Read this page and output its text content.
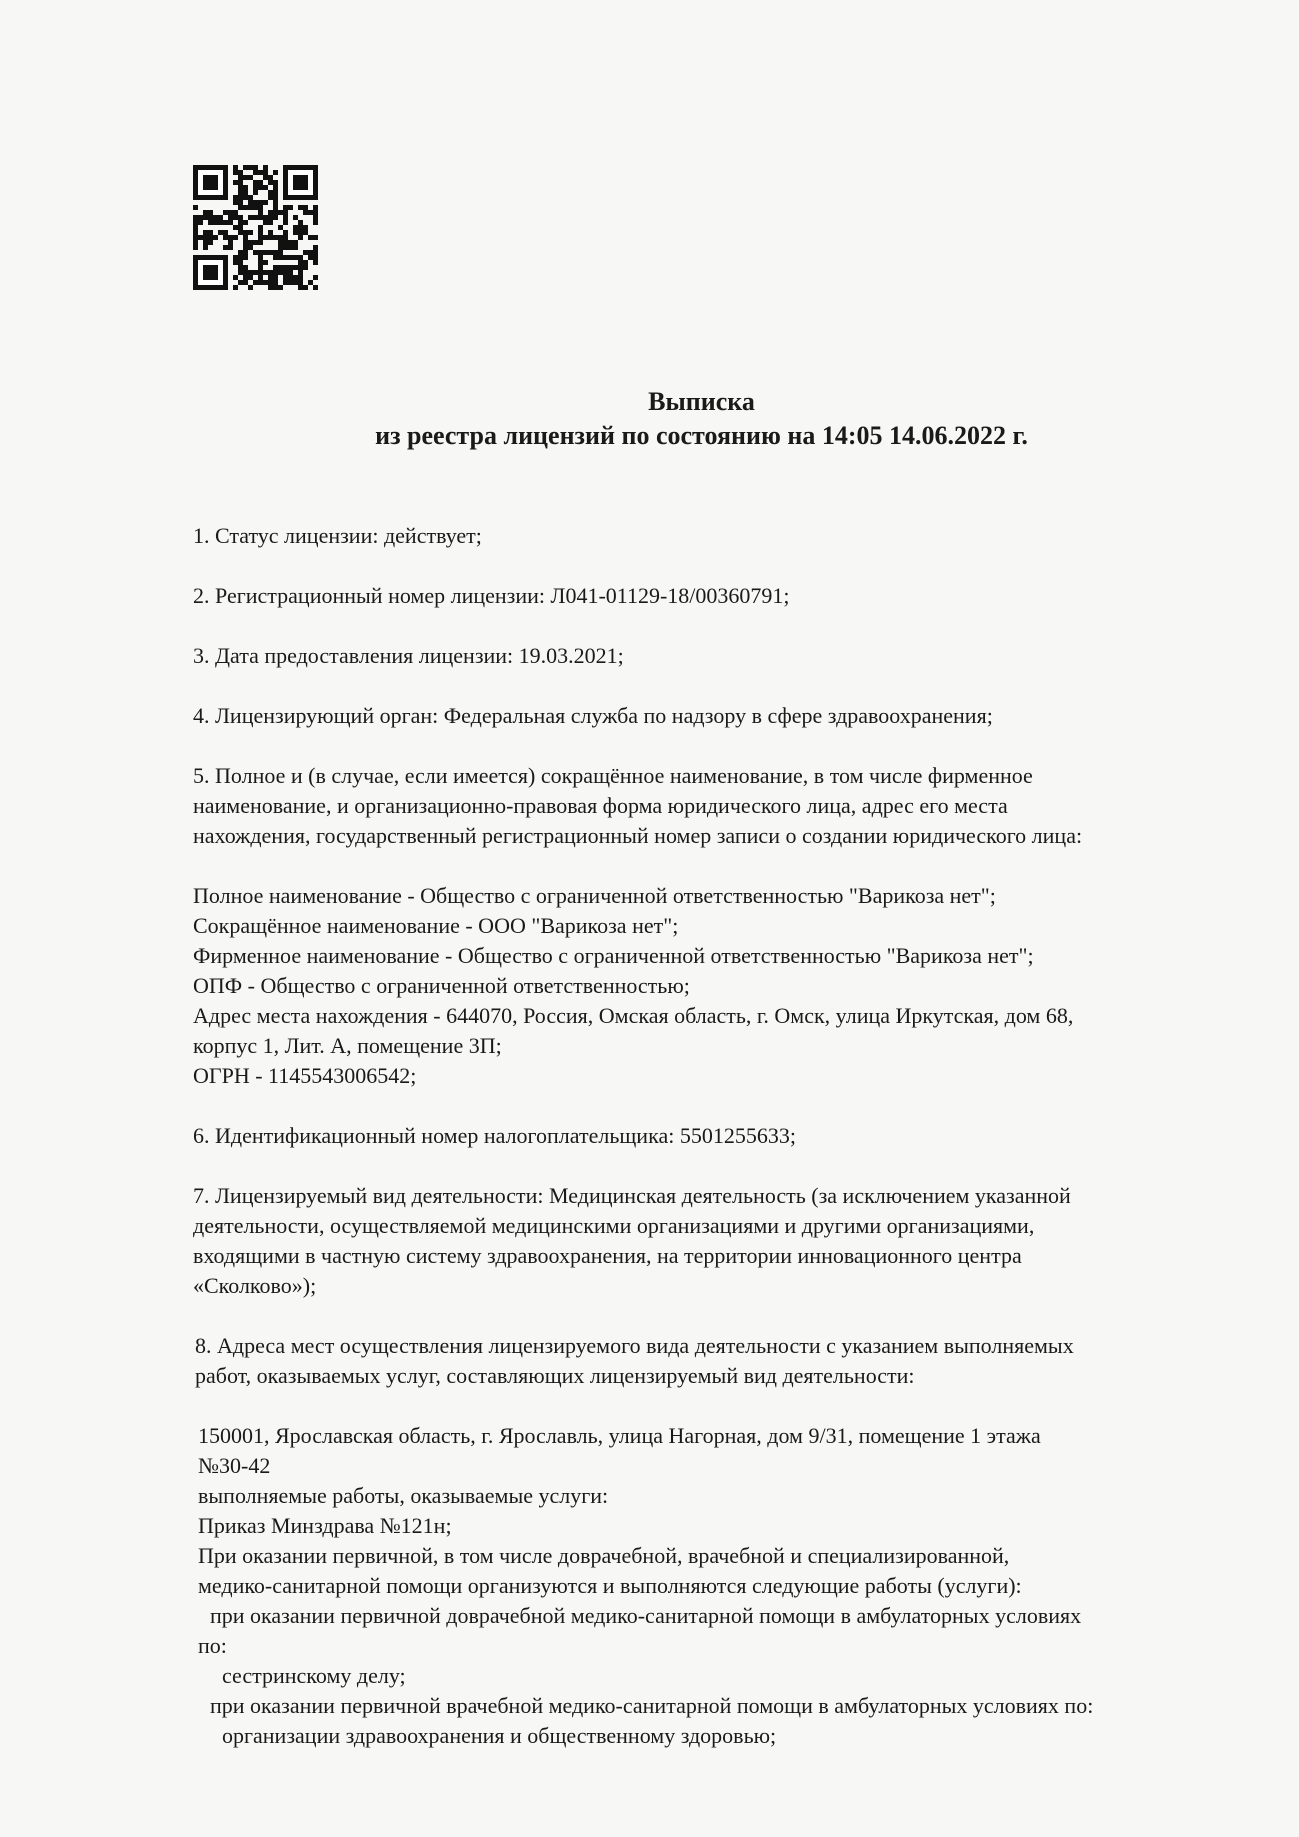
Выписка
из реестра лицензий по состоянию на 14:05 14.06.2022 г.
1. Статус лицензии: действует;
2. Регистрационный номер лицензии: Л041-01129-18/00360791;
3. Дата предоставления лицензии: 19.03.2021;
4. Лицензирующий орган: Федеральная служба по надзору в сфере здравоохранения;
5. Полное и (в случае, если имеется) сокращённое наименование, в том числе фирменное
наименование, и организационно-правовая форма юридического лица, адрес его места
нахождения, государственный регистрационный номер записи о создании юридического лица:
Полное наименование - Общество с ограниченной ответственностью "Варикоза нет";
Сокращённое наименование - ООО "Варикоза нет";
Фирменное наименование - Общество с ограниченной ответственностью "Варикоза нет";
ОПФ - Общество с ограниченной ответственностью;
Адрес места нахождения - 644070, Россия, Омская область, г. Омск, улица Иркутская, дом 68,
корпус 1, Лит. А, помещение 3П;
ОГРН - 1145543006542;
6. Идентификационный номер налогоплательщика: 5501255633;
7. Лицензируемый вид деятельности: Медицинская деятельность (за исключением указанной
деятельности, осуществляемой медицинскими организациями и другими организациями,
входящими в частную систему здравоохранения, на территории инновационного центра
«Сколково»);
8. Адреса мест осуществления лицензируемого вида деятельности с указанием выполняемых
работ, оказываемых услуг, составляющих лицензируемый вид деятельности:
150001, Ярославская область, г. Ярославль, улица Нагорная, дом 9/31, помещение 1 этажа
№30-42
выполняемые работы, оказываемые услуги:
Приказ Минздрава №121н;
При оказании первичной, в том числе доврачебной, врачебной и специализированной,
медико-санитарной помощи организуются и выполняются следующие работы (услуги):
при оказании первичной доврачебной медико-санитарной помощи в амбулаторных условиях
по:
сестринскому делу;
при оказании первичной врачебной медико-санитарной помощи в амбулаторных условиях по:
организации здравоохранения и общественному здоровью;
